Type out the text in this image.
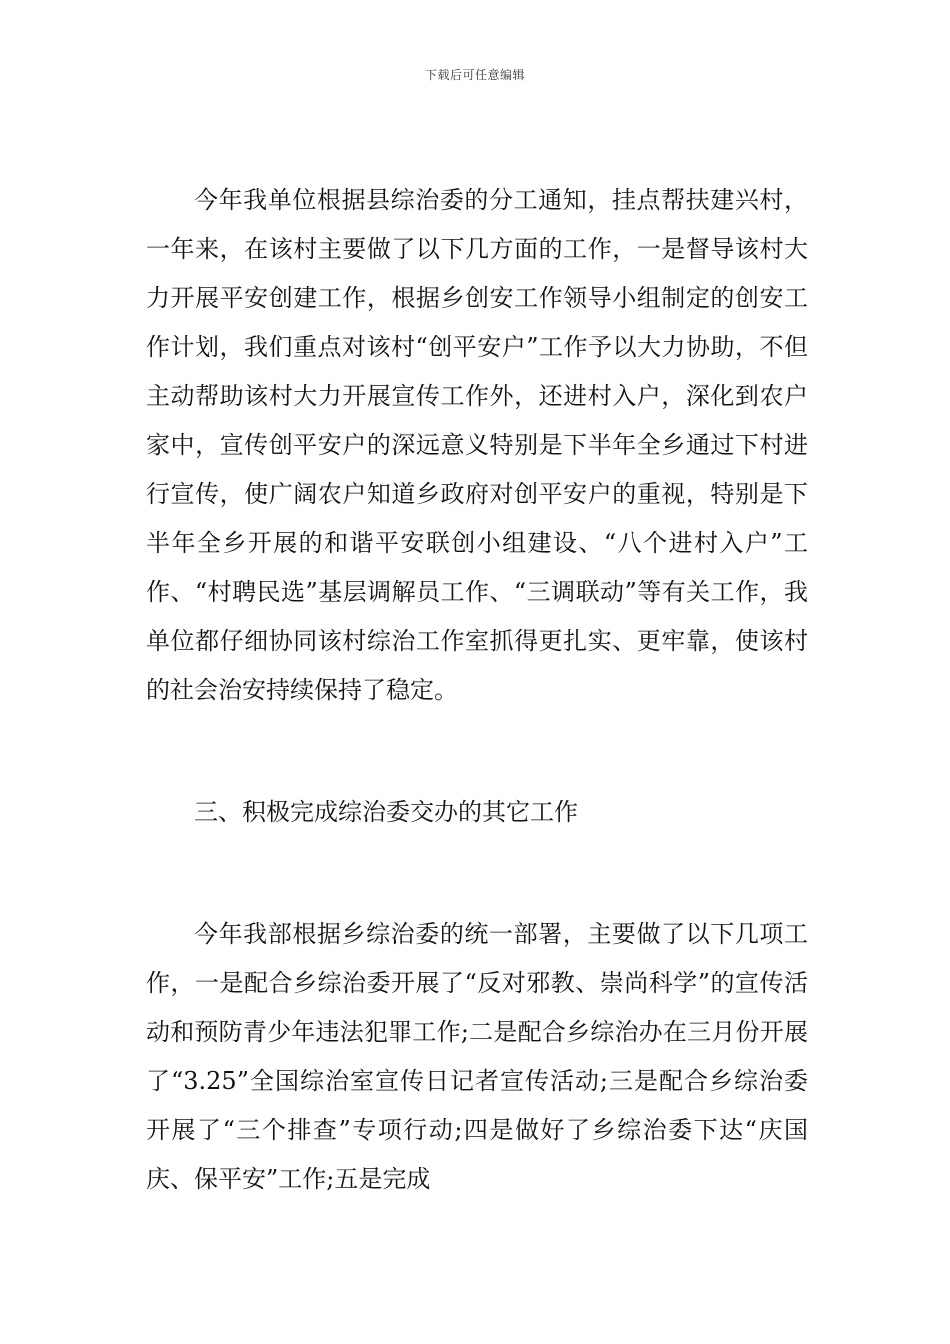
下载后可任意编辑

今年我单位根据县综治委的分工通知，挂点帮扶建兴村，一年来，在该村主要做了以下几方面的工作，一是督导该村大力开展平安创建工作，根据乡创安工作领导小组制定的创安工作计划，我们重点对该村“创平安户”工作予以大力协助，不但主动帮助该村大力开展宣传工作外，还进村入户，深化到农户家中，宣传创平安户的深远意义特别是下半年全乡通过下村进行宣传，使广阔农户知道乡政府对创平安户的重视，特别是下半年全乡开展的和谐平安联创小组建设、“八个进村入户”工作、“村聘民选”基层调解员工作、“三调联动”等有关工作，我单位都仔细协同该村综治工作室抓得更扎实、更牢靠，使该村的社会治安持续保持了稳定。

三、积极完成综治委交办的其它工作

今年我部根据乡综治委的统一部署，主要做了以下几项工作，一是配合乡综治委开展了“反对邪教、崇尚科学”的宣传活动和预防青少年违法犯罪工作;二是配合乡综治办在三月份开展了“3.25”全国综治室宣传日记者宣传活动;三是配合乡综治委开展了“三个排查”专项行动;四是做好了乡综治委下达“庆国庆、保平安”工作;五是完成
